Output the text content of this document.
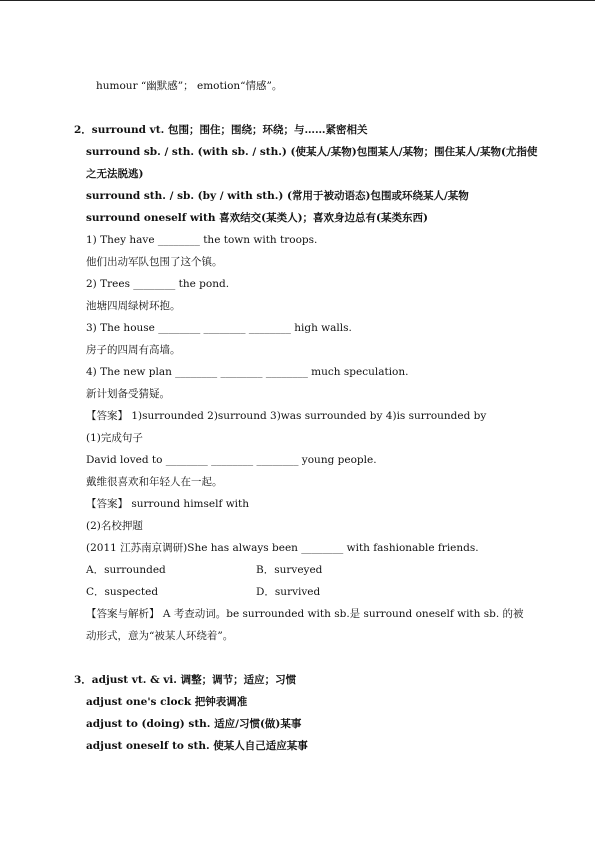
humour “幽默感”； emotion“情感”。
2．surround vt. 包围；围住；围绕；环绕；与……紧密相关
surround sb. / sth. (with sb. / sth.) (使某人/某物)包围某人/某物；围住某人/某物(尤指使
之无法脱逃)
surround sth. / sb. (by / with sth.) (常用于被动语态)包围或环绕某人/某物
surround oneself with 喜欢结交(某类人)；喜欢身边总有(某类东西)
1) They have ________ the town with troops.
他们出动军队包围了这个镇。
2) Trees ________ the pond.
池塘四周绿树环抱。
3) The house ________ ________ ________ high walls.
房子的四周有高墙。
4) The new plan ________ ________ ________ much speculation.
新计划备受猜疑。
【答案】 1)surrounded 2)surround 3)was surrounded by 4)is surrounded by
(1)完成句子
David loved to ________ ________ ________ young people.
戴维很喜欢和年轻人在一起。
【答案】 surround himself with
(2)名校押题
(2011 江苏南京调研)She has always been ________ with fashionable friends.
A．surrounded	B．surveyed
C．suspected	D．survived
【答案与解析】 A 考查动词。be surrounded with sb.是 surround oneself with sb. 的被
动形式，意为“被某人环绕着”。
3．adjust vt. & vi. 调整；调节；适应；习惯
adjust one's clock 把钟表调准
adjust to (doing) sth. 适应/习惯(做)某事
adjust oneself to sth. 使某人自己适应某事
